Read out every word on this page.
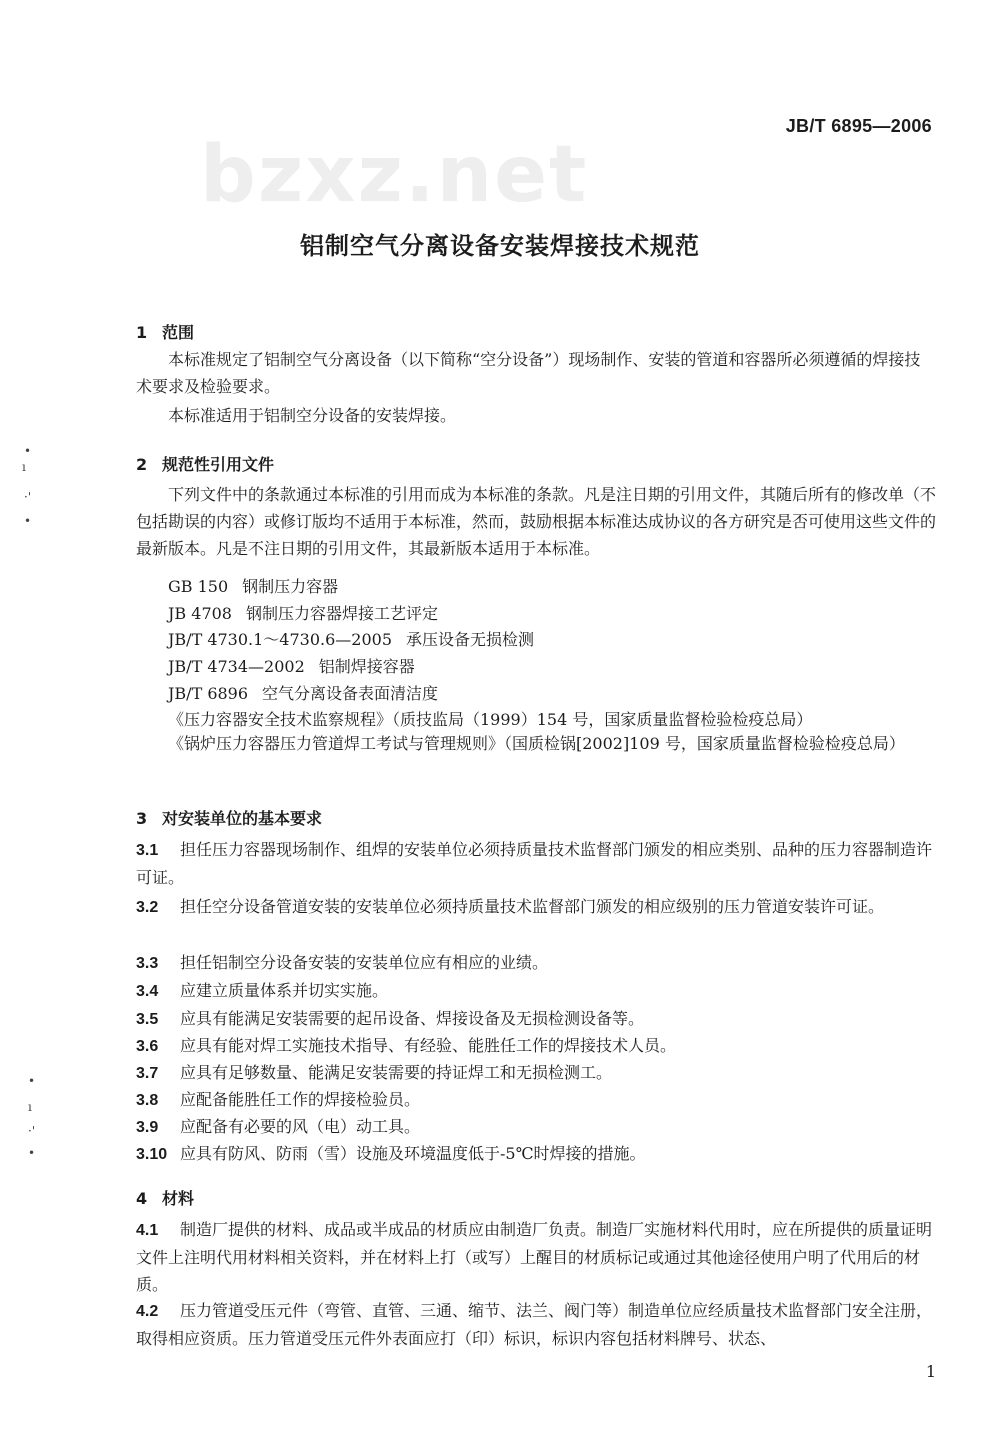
bzxz.net
JB/T 6895—2006
铝制空气分离设备安装焊接技术规范
•
ı
·'
•
•
ı
·'
•
1 范围
本标准规定了铝制空气分离设备（以下简称“空分设备”）现场制作、安装的管道和容器所必须遵循的焊接技术要求及检验要求。
本标准适用于铝制空分设备的安装焊接。
2 规范性引用文件
下列文件中的条款通过本标准的引用而成为本标准的条款。凡是注日期的引用文件，其随后所有的修改单（不包括勘误的内容）或修订版均不适用于本标准，然而，鼓励根据本标准达成协议的各方研究是否可使用这些文件的最新版本。凡是不注日期的引用文件，其最新版本适用于本标准。
GB 150 钢制压力容器
JB 4708 钢制压力容器焊接工艺评定
JB/T 4730.1～4730.6—2005 承压设备无损检测
JB/T 4734—2002 铝制焊接容器
JB/T 6896 空气分离设备表面清洁度
《压力容器安全技术监察规程》（质技监局（1999）154 号，国家质量监督检验检疫总局）
《锅炉压力容器压力管道焊工考试与管理规则》（国质检锅[2002]109 号，国家质量监督检验检疫总局）
3 对安装单位的基本要求
3.1 担任压力容器现场制作、组焊的安装单位必须持质量技术监督部门颁发的相应类别、品种的压力容器制造许可证。
3.2 担任空分设备管道安装的安装单位必须持质量技术监督部门颁发的相应级别的压力管道安装许可证。
3.3 担任铝制空分设备安装的安装单位应有相应的业绩。
3.4 应建立质量体系并切实实施。
3.5 应具有能满足安装需要的起吊设备、焊接设备及无损检测设备等。
3.6 应具有能对焊工实施技术指导、有经验、能胜任工作的焊接技术人员。
3.7 应具有足够数量、能满足安装需要的持证焊工和无损检测工。
3.8 应配备能胜任工作的焊接检验员。
3.9 应配备有必要的风（电）动工具。
3.10 应具有防风、防雨（雪）设施及环境温度低于-5℃时焊接的措施。
4 材料
4.1 制造厂提供的材料、成品或半成品的材质应由制造厂负责。制造厂实施材料代用时，应在所提供的质量证明文件上注明代用材料相关资料，并在材料上打（或写）上醒目的材质标记或通过其他途径使用户明了代用后的材质。
4.2 压力管道受压元件（弯管、直管、三通、缩节、法兰、阀门等）制造单位应经质量技术监督部门安全注册，取得相应资质。压力管道受压元件外表面应打（印）标识，标识内容包括材料牌号、状态、
1
